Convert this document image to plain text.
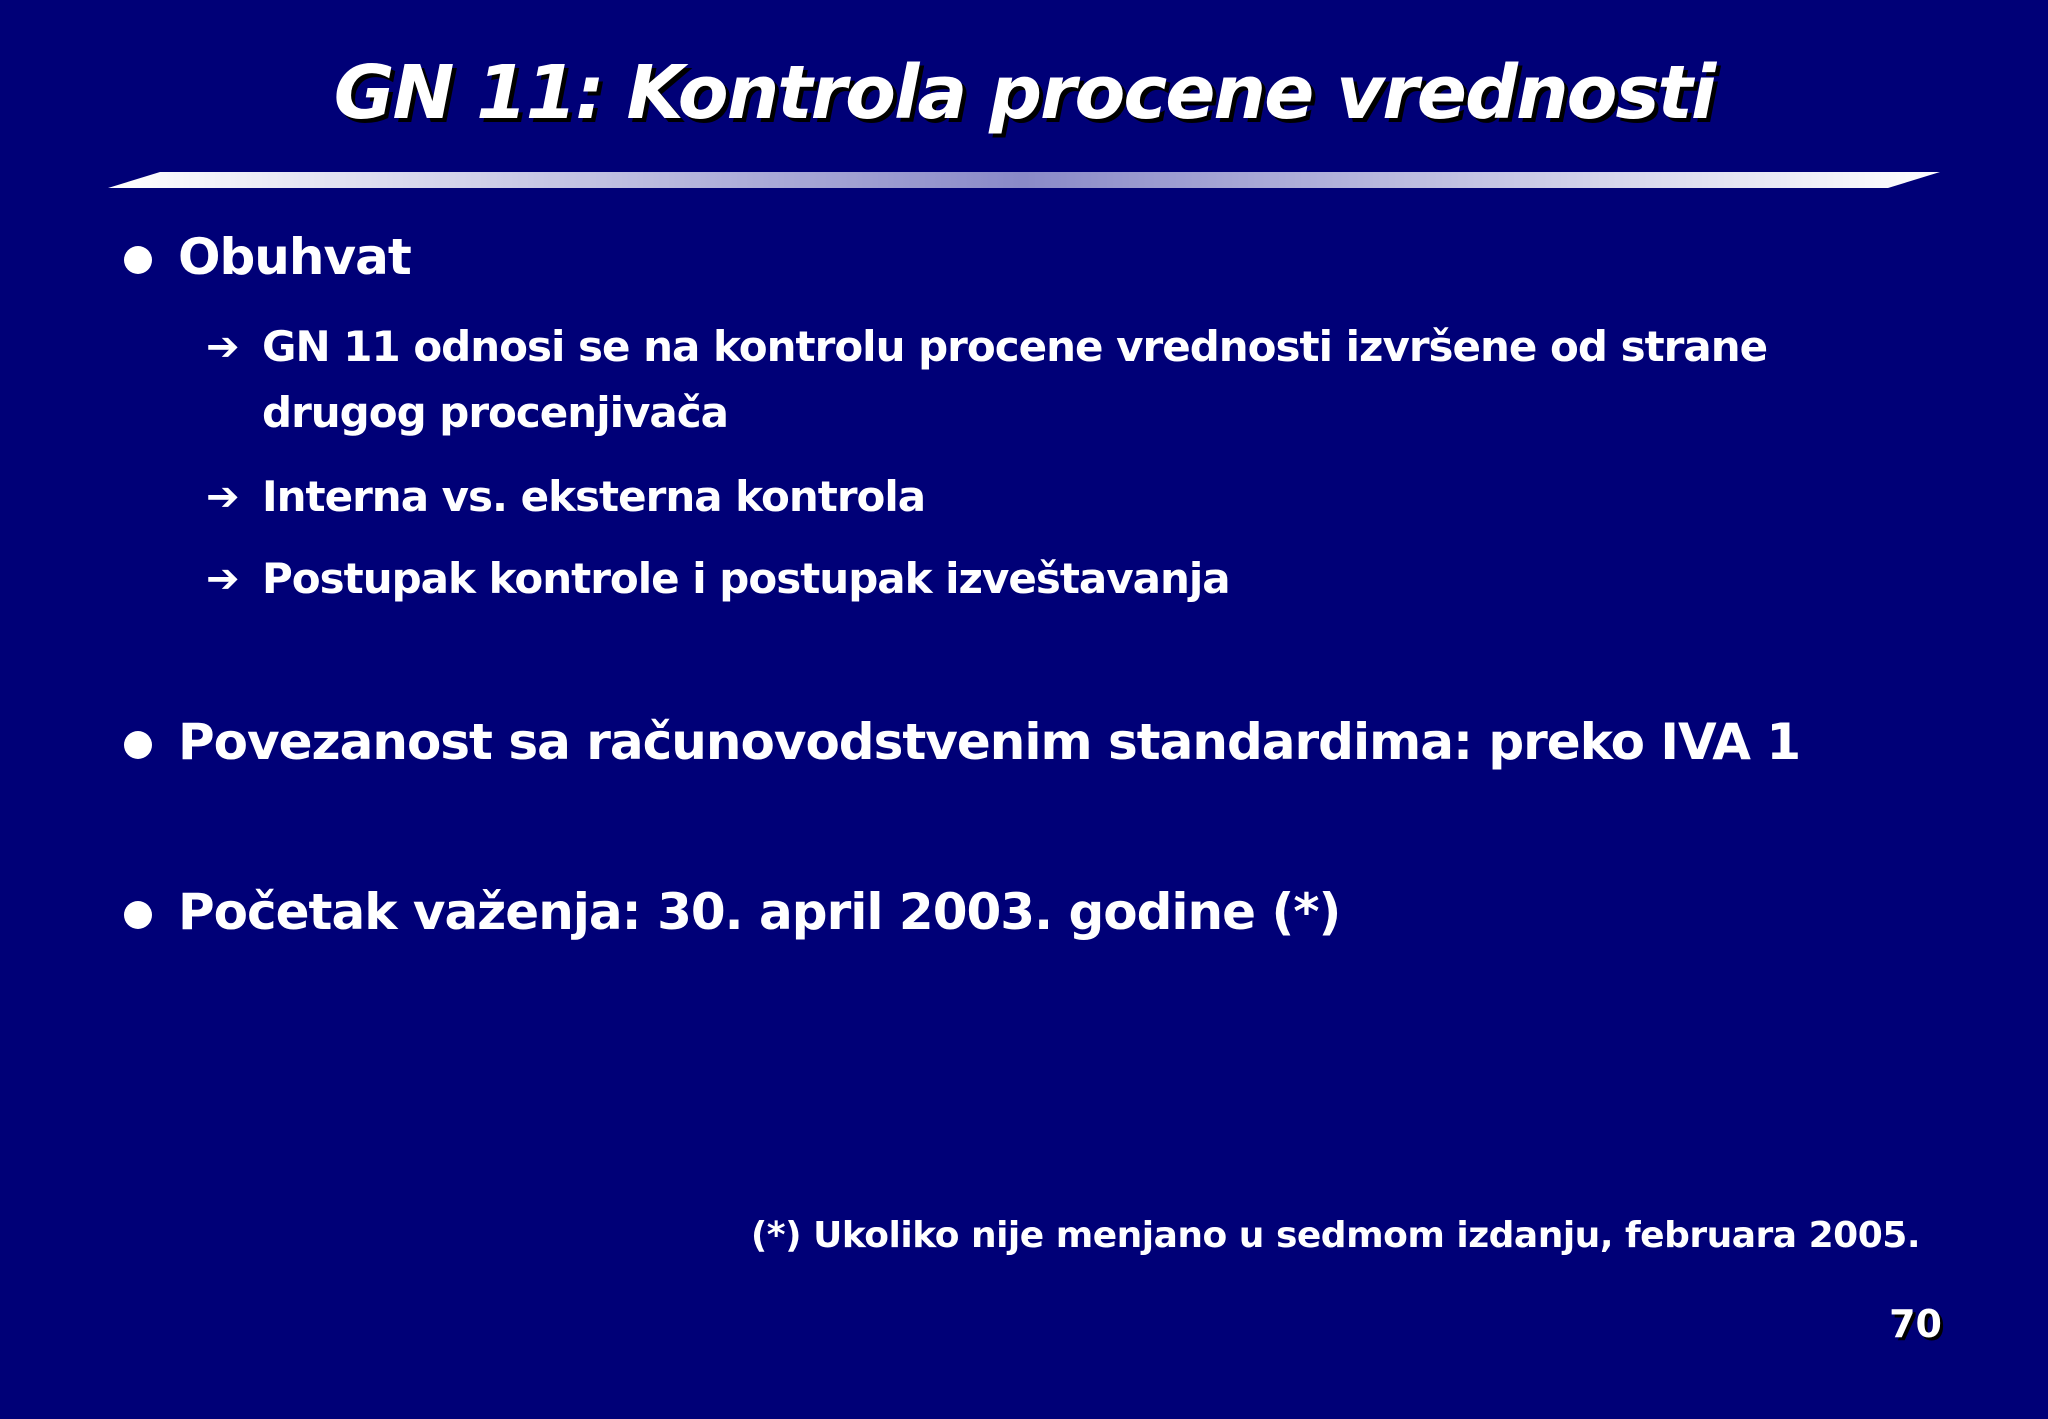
GN 11: Kontrola procene vrednosti
Obuhvat
➔ GN 11 odnosi se na kontrolu procene vrednosti izvršene od strane drugog procenjivača
➔ Interna vs. eksterna kontrola
➔ Postupak kontrole i postupak izveštavanja
Povezanost sa računovodstvenim standardima: preko IVA 1
Početak važenja: 30. april 2003. godine (*)
(*) Ukoliko nije menjano u sedmom izdanju, februara 2005.
70
